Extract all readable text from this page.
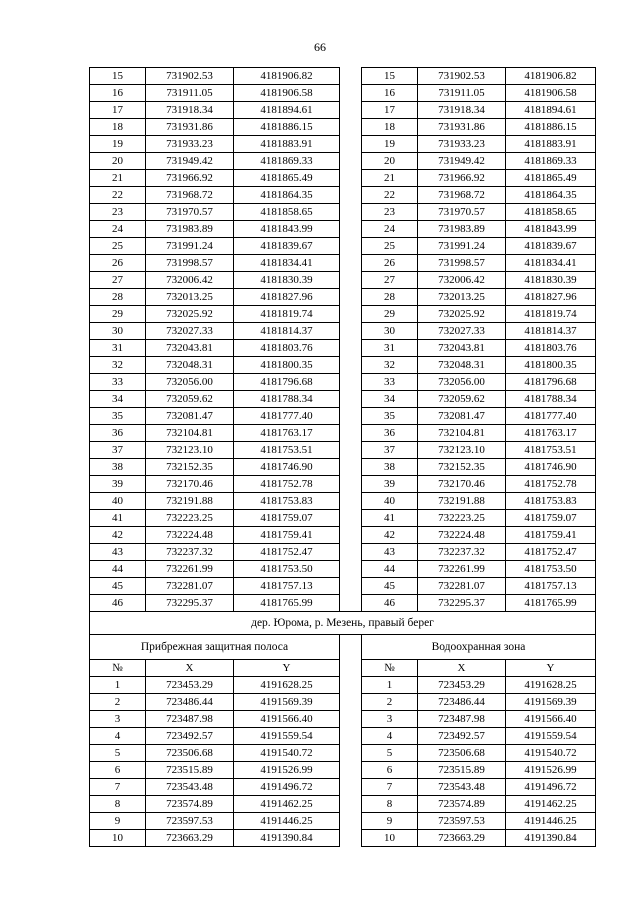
66
15	731902.53	4181906.82		15	731902.53	4181906.82
16	731911.05	4181906.58		16	731911.05	4181906.58
17	731918.34	4181894.61		17	731918.34	4181894.61
18	731931.86	4181886.15		18	731931.86	4181886.15
19	731933.23	4181883.91		19	731933.23	4181883.91
20	731949.42	4181869.33		20	731949.42	4181869.33
21	731966.92	4181865.49		21	731966.92	4181865.49
22	731968.72	4181864.35		22	731968.72	4181864.35
23	731970.57	4181858.65		23	731970.57	4181858.65
24	731983.89	4181843.99		24	731983.89	4181843.99
25	731991.24	4181839.67		25	731991.24	4181839.67
26	731998.57	4181834.41		26	731998.57	4181834.41
27	732006.42	4181830.39		27	732006.42	4181830.39
28	732013.25	4181827.96		28	732013.25	4181827.96
29	732025.92	4181819.74		29	732025.92	4181819.74
30	732027.33	4181814.37		30	732027.33	4181814.37
31	732043.81	4181803.76		31	732043.81	4181803.76
32	732048.31	4181800.35		32	732048.31	4181800.35
33	732056.00	4181796.68		33	732056.00	4181796.68
34	732059.62	4181788.34		34	732059.62	4181788.34
35	732081.47	4181777.40		35	732081.47	4181777.40
36	732104.81	4181763.17		36	732104.81	4181763.17
37	732123.10	4181753.51		37	732123.10	4181753.51
38	732152.35	4181746.90		38	732152.35	4181746.90
39	732170.46	4181752.78		39	732170.46	4181752.78
40	732191.88	4181753.83		40	732191.88	4181753.83
41	732223.25	4181759.07		41	732223.25	4181759.07
42	732224.48	4181759.41		42	732224.48	4181759.41
43	732237.32	4181752.47		43	732237.32	4181752.47
44	732261.99	4181753.50		44	732261.99	4181753.50
45	732281.07	4181757.13		45	732281.07	4181757.13
46	732295.37	4181765.99		46	732295.37	4181765.99
дер. Юрома, р. Мезень, правый берег						
Прибрежная защитная полоса				Водоохранная зона		
№	X	Y		№	X	Y
1	723453.29	4191628.25		1	723453.29	4191628.25
2	723486.44	4191569.39		2	723486.44	4191569.39
3	723487.98	4191566.40		3	723487.98	4191566.40
4	723492.57	4191559.54		4	723492.57	4191559.54
5	723506.68	4191540.72		5	723506.68	4191540.72
6	723515.89	4191526.99		6	723515.89	4191526.99
7	723543.48	4191496.72		7	723543.48	4191496.72
8	723574.89	4191462.25		8	723574.89	4191462.25
9	723597.53	4191446.25		9	723597.53	4191446.25
10	723663.29	4191390.84		10	723663.29	4191390.84
